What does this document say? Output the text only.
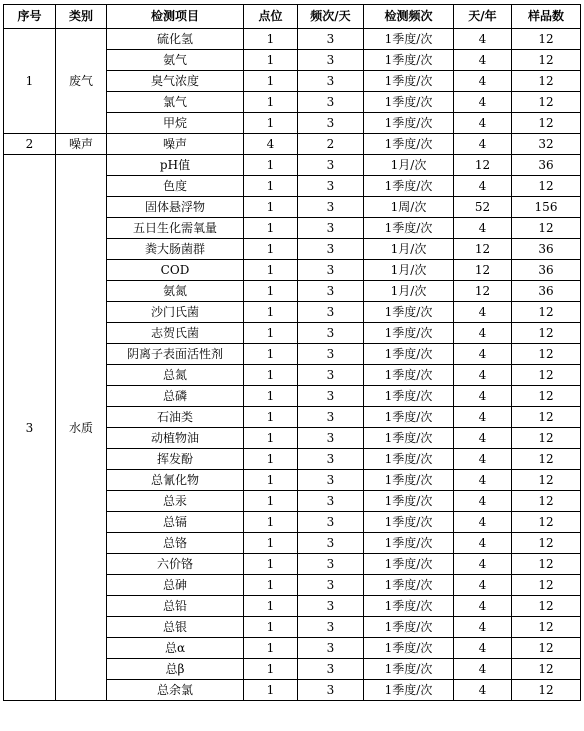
序号	类别	检测项目	点位	频次/天	检测频次	天/年	样品数
1	废气	硫化氢	1	3	1季度/次	4	12
		氨气	1	3	1季度/次	4	12
		臭气浓度	1	3	1季度/次	4	12
		氯气	1	3	1季度/次	4	12
		甲烷	1	3	1季度/次	4	12
2	噪声	噪声	4	2	1季度/次	4	32
3	水质	pH值	1	3	1月/次	12	36
		色度	1	3	1季度/次	4	12
		固体悬浮物	1	3	1周/次	52	156
		五日生化需氧量	1	3	1季度/次	4	12
		粪大肠菌群	1	3	1月/次	12	36
		COD	1	3	1月/次	12	36
		氨氮	1	3	1月/次	12	36
		沙门氏菌	1	3	1季度/次	4	12
		志贺氏菌	1	3	1季度/次	4	12
		阴离子表面活性剂	1	3	1季度/次	4	12
		总氮	1	3	1季度/次	4	12
		总磷	1	3	1季度/次	4	12
		石油类	1	3	1季度/次	4	12
		动植物油	1	3	1季度/次	4	12
		挥发酚	1	3	1季度/次	4	12
		总氰化物	1	3	1季度/次	4	12
		总汞	1	3	1季度/次	4	12
		总镉	1	3	1季度/次	4	12
		总铬	1	3	1季度/次	4	12
		六价铬	1	3	1季度/次	4	12
		总砷	1	3	1季度/次	4	12
		总铅	1	3	1季度/次	4	12
		总银	1	3	1季度/次	4	12
		总α	1	3	1季度/次	4	12
		总β	1	3	1季度/次	4	12
		总余氯	1	3	1季度/次	4	12
